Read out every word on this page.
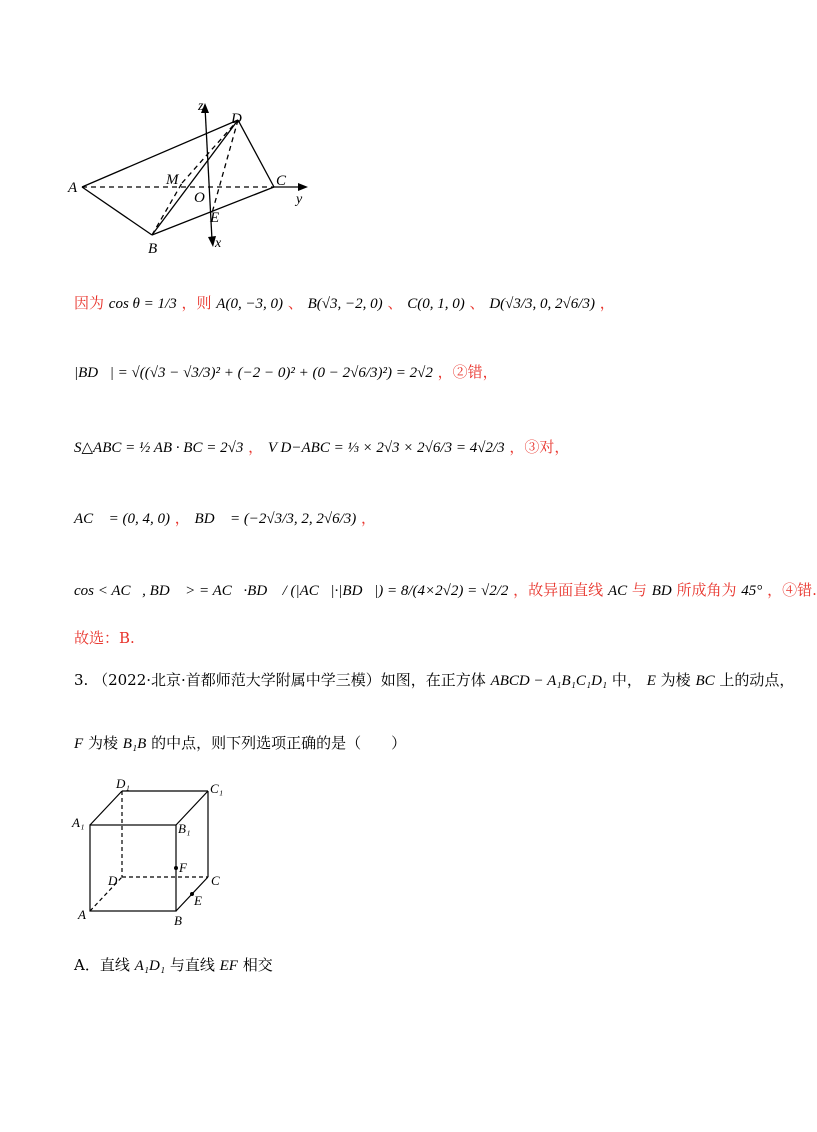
z
D
A	M	C
O	y
E
B	x
因为 cos θ = 1/3 ，则 A(0, −3, 0) 、 B(√3, −2, 0) 、 C(0, 1, 0) 、 D(√3/3, 0, 2√6/3) ，
|BD⃗| = √((√3 − √3/3)² + (−2 − 0)² + (0 − 2√6/3)²) = 2√2 ，②错，
S△ABC = ½ AB · BC = 2√3 ， V D−ABC = ⅓ × 2√3 × 2√6/3 = 4√2/3 ，③对，
AC⃗ = (0, 4, 0) ， BD⃗ = (−2√3/3, 2, 2√6/3) ，
cos < AC⃗, BD⃗ > = AC⃗·BD⃗ / (|AC⃗|·|BD⃗|) = 8/(4×2√2) = √2/2 ，故异面直线 AC 与 BD 所成角为 45° ，④错.
故选：B.
3. （2022·北京·首都师范大学附属中学三模）如图，在正方体 ABCD − A₁B₁C₁D₁ 中， E 为棱 BC 上的动点，
F 为棱 B₁B 的中点，则下列选项正确的是（　　）
D₁	C₁
A₁	B₁
F
D	C
A
E
B
A．直线 A₁D₁ 与直线 EF 相交
